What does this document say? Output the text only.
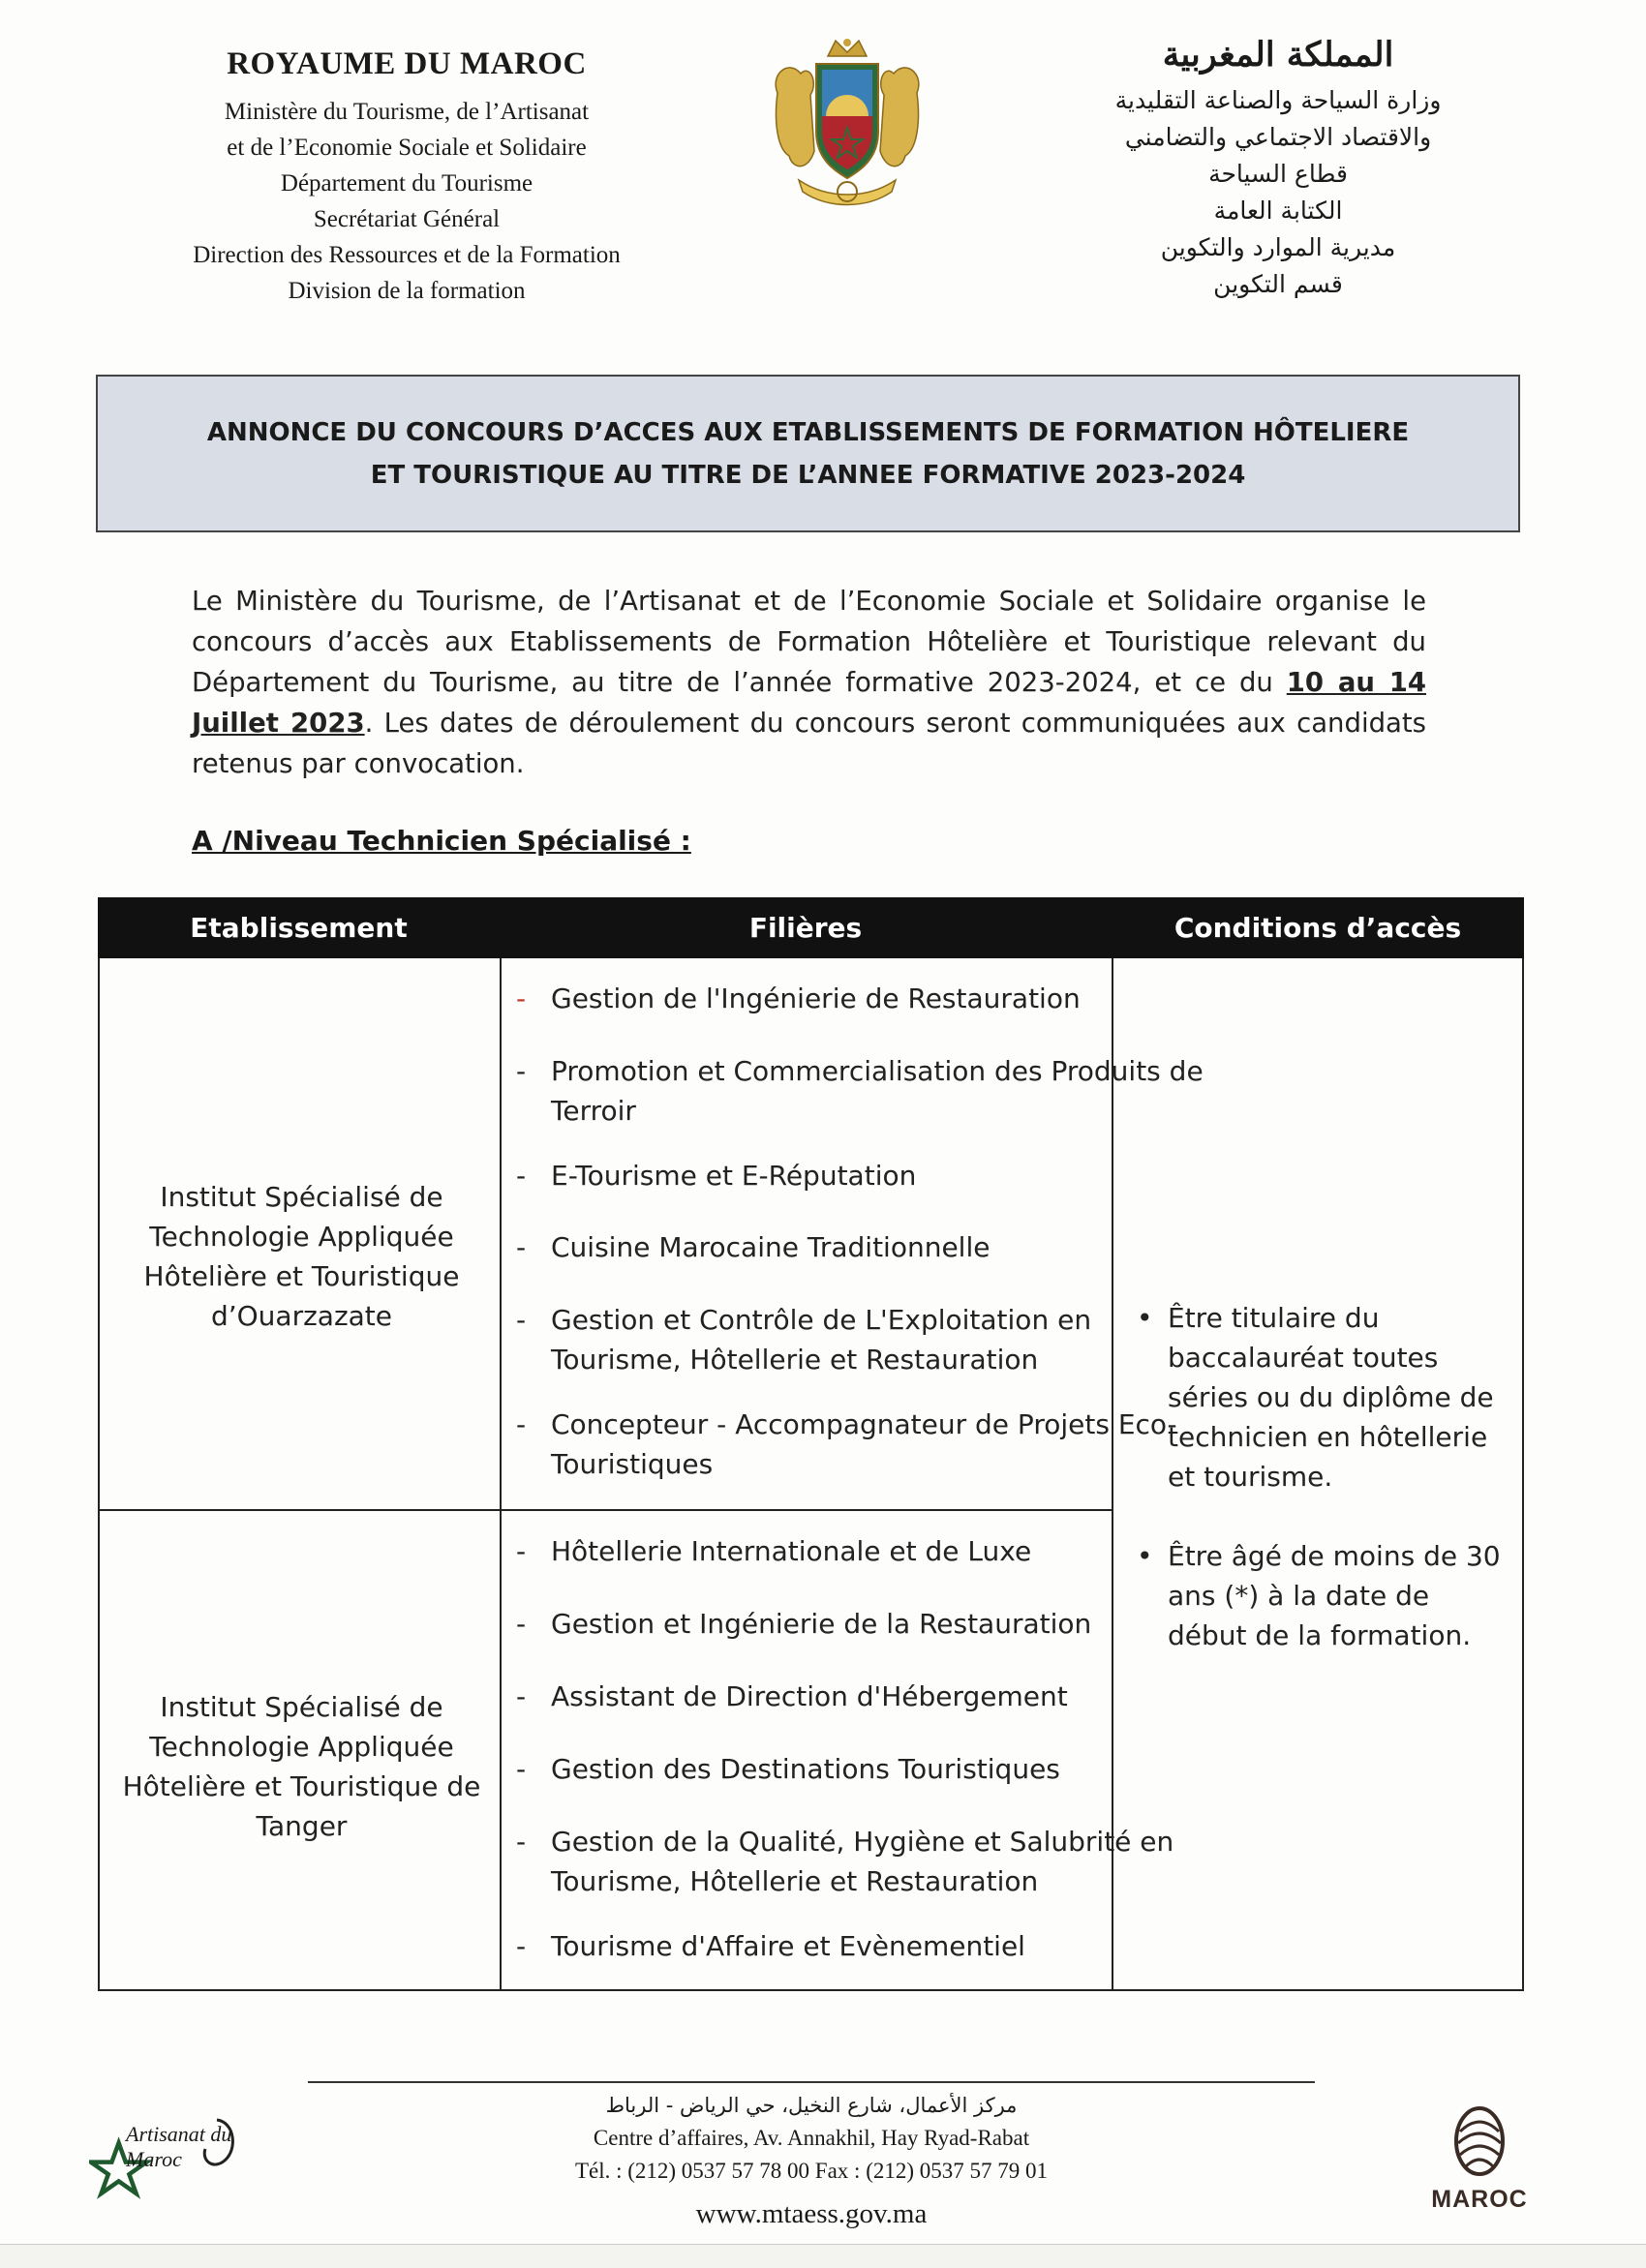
ROYAUME DU MAROC
Ministère du Tourisme, de l’Artisanat
et de l’Economie Sociale et Solidaire
Département du Tourisme
Secrétariat Général
Direction des Ressources et de la Formation
Division de la formation
المملكة المغربية
وزارة السياحة والصناعة التقليدية
والاقتصاد الاجتماعي والتضامني
قطاع السياحة
الكتابة العامة
مديرية الموارد والتكوين
قسم التكوين
ANNONCE DU CONCOURS D’ACCES AUX ETABLISSEMENTS DE FORMATION HÔTELIERE
ET TOURISTIQUE AU TITRE DE L’ANNEE FORMATIVE 2023-2024
Le Ministère du Tourisme, de l’Artisanat et de l’Economie Sociale et Solidaire organise le concours d’accès aux Etablissements de Formation Hôtelière et Touristique relevant du Département du Tourisme, au titre de l’année formative 2023-2024, et ce du 10 au 14 Juillet 2023. Les dates de déroulement du concours seront communiquées aux candidats retenus par convocation.
A /Niveau Technicien Spécialisé :
Etablissement	Filières	Conditions d’accès
Institut Spécialisé de Technologie Appliquée Hôtelière et Touristique d’Ouarzazate
- Gestion de l'Ingénierie de Restauration
- Promotion et Commercialisation des Produits de Terroir
- E-Tourisme et E-Réputation
- Cuisine Marocaine Traditionnelle
- Gestion et Contrôle de L'Exploitation en Tourisme, Hôtellerie et Restauration
- Concepteur - Accompagnateur de Projets Eco-Touristiques
Institut Spécialisé de Technologie Appliquée Hôtelière et Touristique de Tanger
- Hôtellerie Internationale et de Luxe
- Gestion et Ingénierie de la Restauration
- Assistant de Direction d'Hébergement
- Gestion des Destinations Touristiques
- Gestion de la Qualité, Hygiène et Salubrité en Tourisme, Hôtellerie et Restauration
- Tourisme d'Affaire et Evènementiel
• Être titulaire du baccalauréat toutes séries ou du diplôme de technicien en hôtellerie et tourisme.
• Être âgé de moins de 30 ans (*) à la date de début de la formation.
مركز الأعمال، شارع النخيل، حي الرياض - الرباط
Centre d’affaires, Av. Annakhil, Hay Ryad-Rabat
Tél. : (212) 0537 57 78 00 Fax : (212) 0537 57 79 01
www.mtaess.gov.ma
Artisanat du Maroc
MAROC
